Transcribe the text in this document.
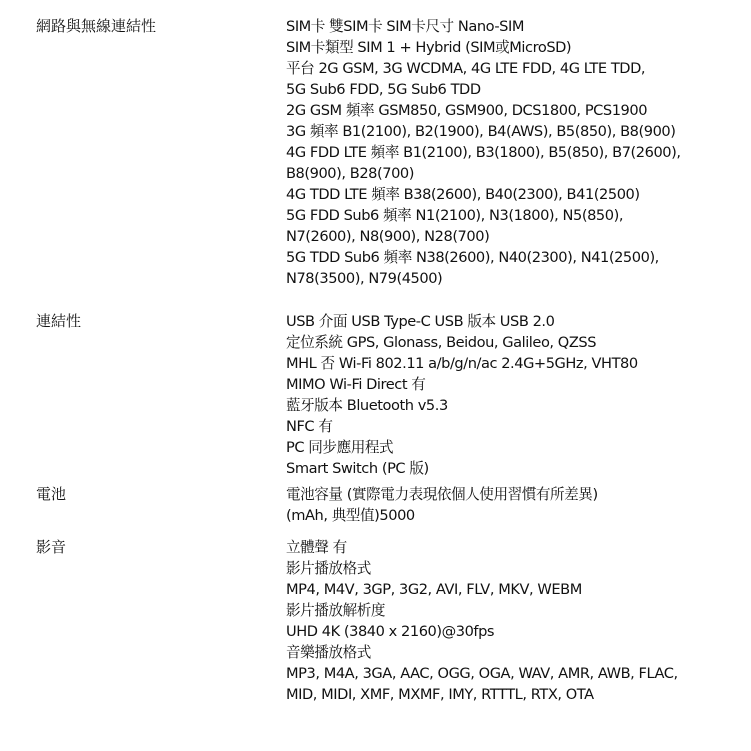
網路與無線連結性	SIM卡 雙SIM卡 SIM卡尺寸 Nano-SIM
SIM卡類型 SIM 1 + Hybrid (SIM或MicroSD)
平台 2G GSM, 3G WCDMA, 4G LTE FDD, 4G LTE TDD,
5G Sub6 FDD, 5G Sub6 TDD
2G GSM 頻率 GSM850, GSM900, DCS1800, PCS1900
3G 頻率 B1(2100), B2(1900), B4(AWS), B5(850), B8(900)
4G FDD LTE 頻率 B1(2100), B3(1800), B5(850), B7(2600),
B8(900), B28(700)
4G TDD LTE 頻率 B38(2600), B40(2300), B41(2500)
5G FDD Sub6 頻率 N1(2100), N3(1800), N5(850),
N7(2600), N8(900), N28(700)
5G TDD Sub6 頻率 N38(2600), N40(2300), N41(2500),
N78(3500), N79(4500)
連結性	USB 介面 USB Type-C USB 版本 USB 2.0
定位系統 GPS, Glonass, Beidou, Galileo, QZSS
MHL 否 Wi-Fi 802.11 a/b/g/n/ac 2.4G+5GHz, VHT80
MIMO Wi-Fi Direct 有
藍牙版本 Bluetooth v5.3
NFC 有
PC 同步應用程式
Smart Switch (PC 版)
電池	電池容量 (實際電力表現依個人使用習慣有所差異)
(mAh, 典型值)5000
影音	立體聲 有
影片播放格式
MP4, M4V, 3GP, 3G2, AVI, FLV, MKV, WEBM
影片播放解析度
UHD 4K (3840 x 2160)@30fps
音樂播放格式
MP3, M4A, 3GA, AAC, OGG, OGA, WAV, AMR, AWB, FLAC,
MID, MIDI, XMF, MXMF, IMY, RTTTL, RTX, OTA
